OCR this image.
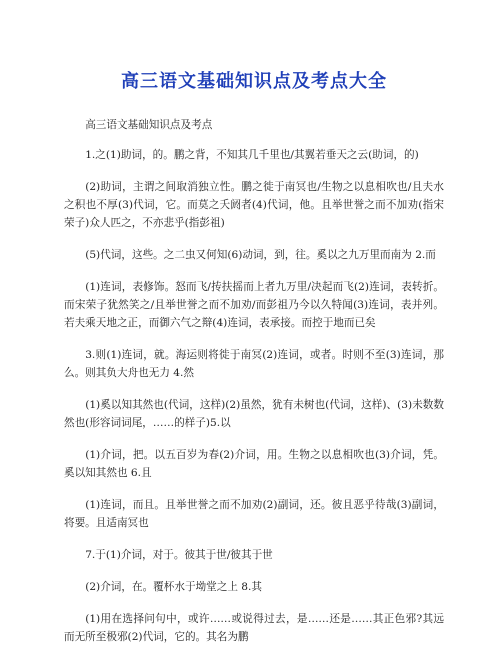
高三语文基础知识点及考点大全

高三语文基础知识点及考点

1.之(1)助词，的。鹏之背，不知其几千里也/其翼若垂天之云(助词，的)

(2)助词，主谓之间取消独立性。鹏之徙于南冥也/生物之以息相吹也/且夫水之积也不厚(3)代词，它。而莫之夭阏者(4)代词，他。且举世誉之而不加劝(指宋荣子)众人匹之，不亦悲乎(指彭祖)

(5)代词，这些。之二虫又何知(6)动词，到，往。奚以之九万里而南为 2.而

(1)连词，表修饰。怒而飞/抟扶摇而上者九万里/决起而飞(2)连词，表转折。而宋荣子犹然笑之/且举世誉之而不加劝/而彭祖乃今以久特闻(3)连词，表并列。若夫乘天地之正，而御六气之辩(4)连词，表承接。而控于地而已矣

3.则(1)连词，就。海运则将徙于南冥(2)连词，或者。时则不至(3)连词，那么。则其负大舟也无力 4.然

(1)奚以知其然也(代词，这样)(2)虽然，犹有未树也(代词，这样)、(3)未数数然也(形容词词尾，……的样子)5.以

(1)介词，把。以五百岁为春(2)介词，用。生物之以息相吹也(3)介词，凭。奚以知其然也 6.且

(1)连词，而且。且举世誉之而不加劝(2)副词，还。彼且恶乎待哉(3)副词，将要。且适南冥也

7.于(1)介词，对于。彼其于世/彼其于世

(2)介词，在。覆杯水于坳堂之上 8.其

(1)用在选择问句中，或许……或说得过去，是……还是……其正色邪?其远而无所至极邪(2)代词，它的。其名为鹏
